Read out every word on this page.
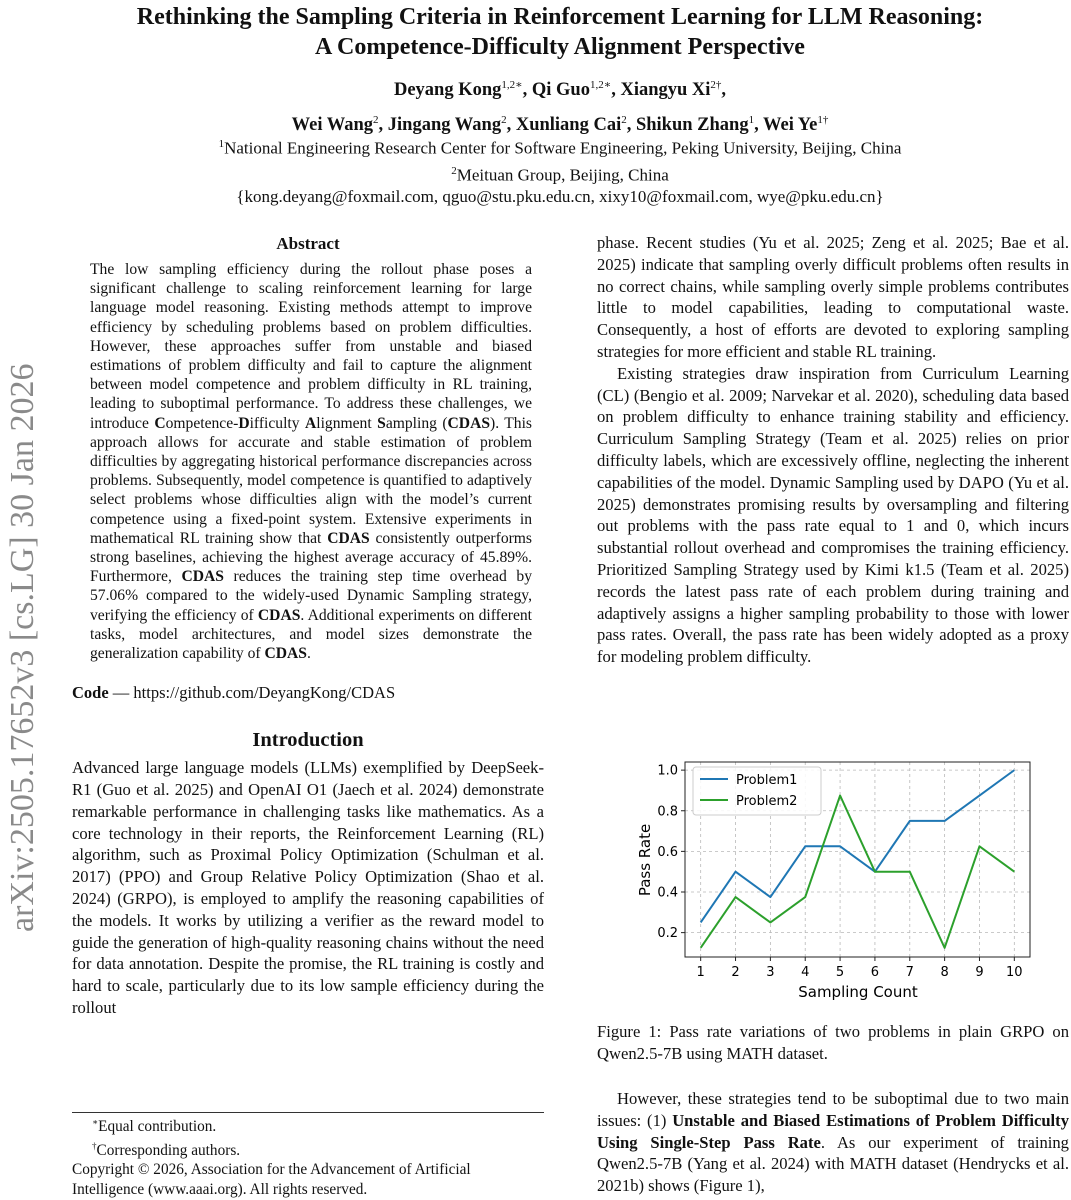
Rethinking the Sampling Criteria in Reinforcement Learning for LLM Reasoning:
A Competence-Difficulty Alignment Perspective
Deyang Kong$^{1,2∗}$, Qi Guo$^{1,2∗}$, Xiangyu $Xi^{2\dagger}$,
Wei Wang$^2$, Jingang Wang$^2$, Xunliang Cai$^2$, Shikun Zhang$^1$, Wei $Ye^{1\dagger}$
$^1$National Engineering Research Center for Software Engineering, Peking University, Beijing, China
$^2$Meituan Group, Beijing, China
{kong.deyang@foxmail.com, qguo@stu.pku.edu.cn, xixy10@foxmail.com, wye@pku.edu.cn}
arXiv:2505.17652v3 [cs.LG] 30 Jan 2026
Abstract

The low sampling efficiency during the rollout phase poses a significant challenge to scaling reinforcement learning for large language model reasoning. Existing methods attempt to improve efficiency by scheduling problems based on problem difficulties. However, these approaches suffer from unstable and biased estimations of problem difficulty and fail to capture the alignment between model competence and problem difficulty in RL training, leading to suboptimal performance. To address these challenges, we introduce Competence-Difficulty Alignment Sampling (CDAS). This approach allows for accurate and stable estimation of problem difficulties by aggregating historical performance discrepancies across problems. Subsequently, model competence is quantified to adaptively select problems whose difficulties align with the model’s current competence using a fixed-point system. Extensive experiments in mathematical RL training show that CDAS consistently outperforms strong baselines, achieving the highest average accuracy of 45.89%. Furthermore, CDAS reduces the training step time overhead by 57.06% compared to the widely-used Dynamic Sampling strategy, verifying the efficiency of CDAS. Additional experiments on different tasks, model architectures, and model sizes demonstrate the generalization capability of CDAS.

Code — https://github.com/DeyangKong/CDAS
Introduction

Advanced large language models (LLMs) exemplified by DeepSeek-R1 (Guo et al. 2025) and OpenAI O1 (Jaech et al. 2024) demonstrate remarkable performance in challenging tasks like mathematics. As a core technology in their reports, the Reinforcement Learning (RL) algorithm, such as Proximal Policy Optimization (Schulman et al. 2017) (PPO) and Group Relative Policy Optimization (Shao et al. 2024) (GRPO), is employed to amplify the reasoning capabilities of the models. It works by utilizing a verifier as the reward model to guide the generation of high-quality reasoning chains without the need for data annotation. Despite the promise, the RL training is costly and hard to scale, particularly due to its low sample efficiency during the rollout

∗Equal contribution.
†Corresponding authors.
Copyright © 2026, Association for the Advancement of Artificial Intelligence (www.aaai.org). All rights reserved.

phase. Recent studies (Yu et al. 2025; Zeng et al. 2025; Bae et al. 2025) indicate that sampling overly difficult problems often results in no correct chains, while sampling overly simple problems contributes little to model capabilities, leading to computational waste. Consequently, a host of efforts are devoted to exploring sampling strategies for more efficient and stable RL training.

Existing strategies draw inspiration from Curriculum Learning (CL) (Bengio et al. 2009; Narvekar et al. 2020), scheduling data based on problem difficulty to enhance training stability and efficiency. Curriculum Sampling Strategy (Team et al. 2025) relies on prior difficulty labels, which are excessively offline, neglecting the inherent capabilities of the model. Dynamic Sampling used by DAPO (Yu et al. 2025) demonstrates promising results by oversampling and filtering out problems with the pass rate equal to 1 and 0, which incurs substantial rollout overhead and compromises the training efficiency. Prioritized Sampling Strategy used by Kimi k1.5 (Team et al. 2025) records the latest pass rate of each problem during training and adaptively assigns a higher sampling probability to those with lower pass rates. Overall, the pass rate has been widely adopted as a proxy for modeling problem difficulty.

1 2 3 4 5 6 7 8 9 10
0.2
0.4
0.6
0.8
1.0
Problem1
Problem2
Sampling Count
Pass Rate
Figure 1: Pass rate variations of two problems in plain GRPO on Qwen2.5-7B using MATH dataset.

However, these strategies tend to be suboptimal due to two main issues: (1) Unstable and Biased Estimations of Problem Difficulty Using Single-Step Pass Rate. As our experiment of training Qwen2.5-7B (Yang et al. 2024) with MATH dataset (Hendrycks et al. 2021b) shows (Figure 1),
